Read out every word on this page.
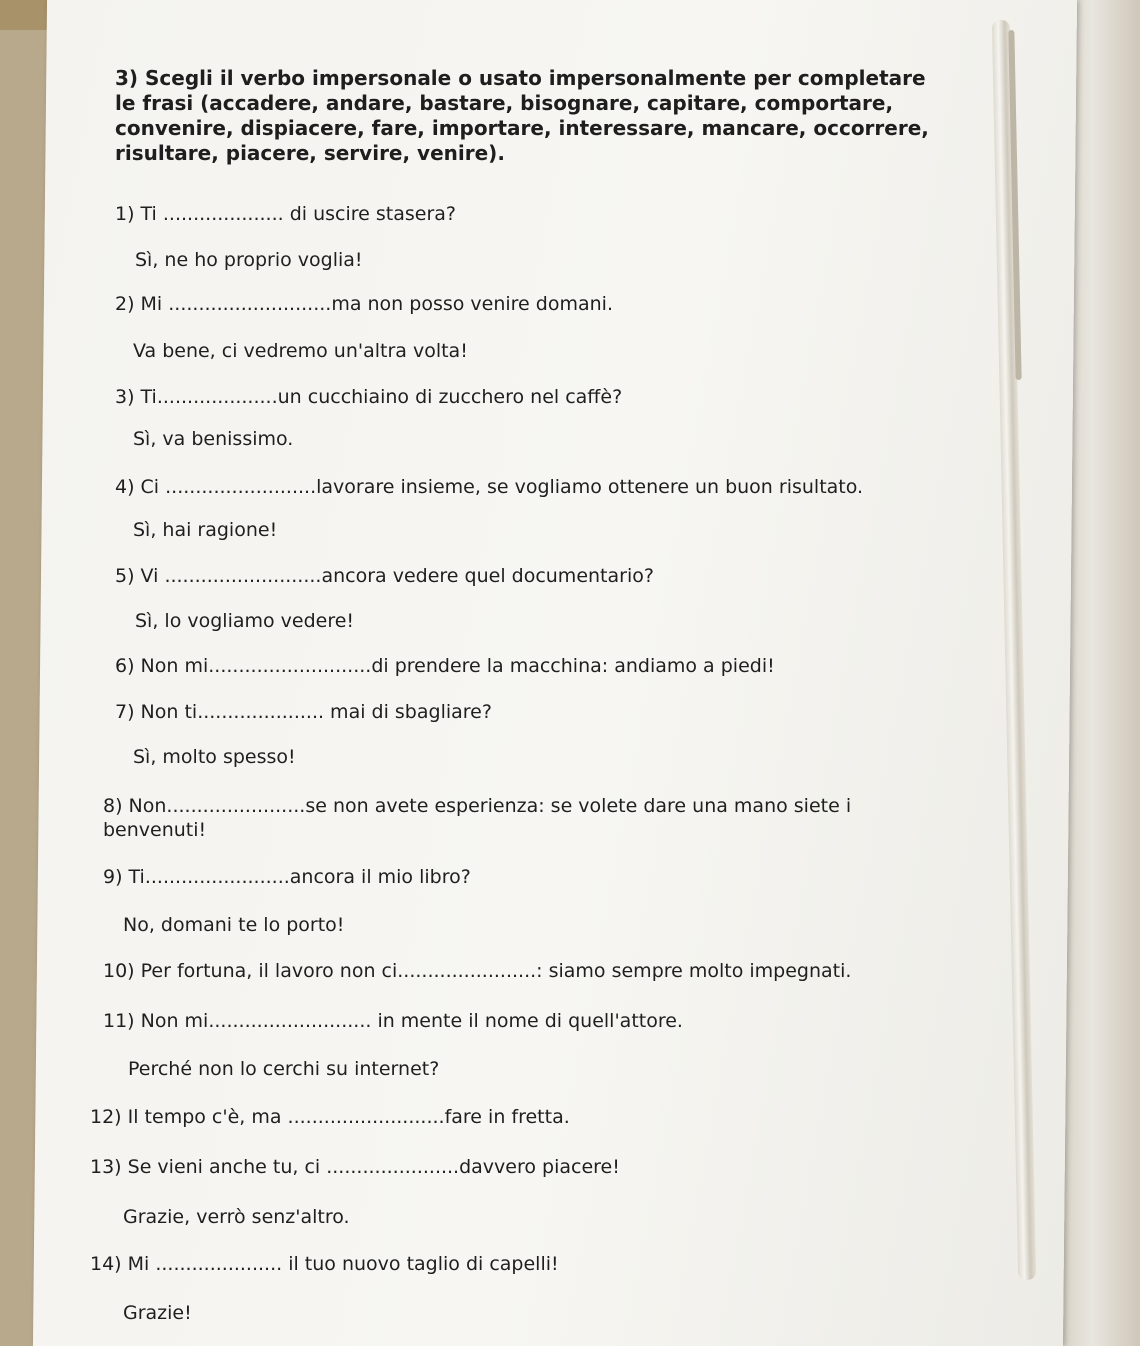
3) Scegli il verbo impersonale o usato impersonalmente per completare le frasi (accadere, andare, bastare, bisognare, capitare, comportare, convenire, dispiacere, fare, importare, interessare, mancare, occorrere, risultare, piacere, servire, venire).

1) Ti .................... di uscire stasera?
Sì, ne ho proprio voglia!
2) Mi ...........................ma non posso venire domani.
Va bene, ci vedremo un'altra volta!
3) Ti....................un cucchiaino di zucchero nel caffè?
Sì, va benissimo.
4) Ci .........................lavorare insieme, se vogliamo ottenere un buon risultato.
Sì, hai ragione!
5) Vi ..........................ancora vedere quel documentario?
Sì, lo vogliamo vedere!
6) Non mi...........................di prendere la macchina: andiamo a piedi!
7) Non ti..................... mai di sbagliare?
Sì, molto spesso!
8) Non.......................se non avete esperienza: se volete dare una mano siete i benvenuti!
9) Ti........................ancora il mio libro?
No, domani te lo porto!
10) Per fortuna, il lavoro non ci.......................: siamo sempre molto impegnati.
11) Non mi........................... in mente il nome di quell'attore.
Perché non lo cerchi su internet?
12) Il tempo c'è, ma ..........................fare in fretta.
13) Se vieni anche tu, ci ......................davvero piacere!
Grazie, verrò senz'altro.
14) Mi ..................... il tuo nuovo taglio di capelli!
Grazie!
